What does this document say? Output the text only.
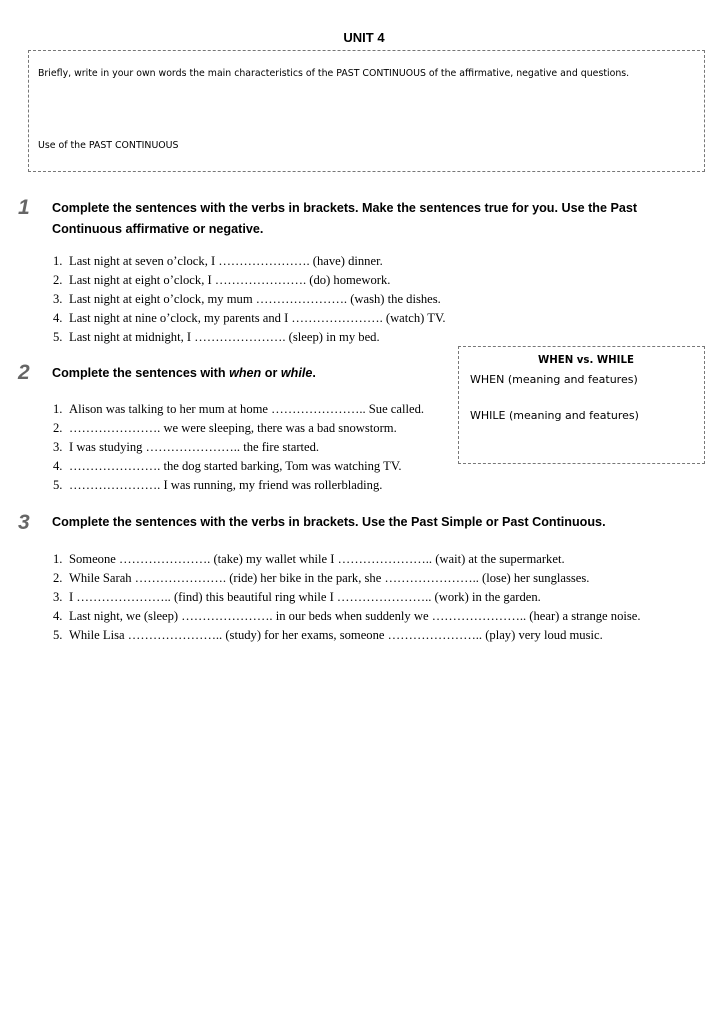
UNIT 4
Briefly, write in your own words the main characteristics of the PAST CONTINUOUS of the affirmative, negative and questions.
Use of the PAST CONTINUOUS
1 Complete the sentences with the verbs in brackets. Make the sentences true for you. Use the Past
Continuous affirmative or negative.
1. Last night at seven o’clock, I …………………. (have) dinner.
2. Last night at eight o’clock, I …………………. (do) homework.
3. Last night at eight o’clock, my mum …………………. (wash) the dishes.
4. Last night at nine o’clock, my parents and I …………………. (watch) TV.
5. Last night at midnight, I …………………. (sleep) in my bed.
WHEN vs. WHILE
WHEN (meaning and features)
WHILE (meaning and features)
2 Complete the sentences with when or while.
1. Alison was talking to her mum at home ………………….. Sue called.
2. …………………. we were sleeping, there was a bad snowstorm.
3. I was studying ………………….. the fire started.
4. …………………. the dog started barking, Tom was watching TV.
5. …………………. I was running, my friend was rollerblading.
3 Complete the sentences with the verbs in brackets. Use the Past Simple or Past Continuous.
1. Someone …………………. (take) my wallet while I ………………….. (wait) at the supermarket.
2. While Sarah …………………. (ride) her bike in the park, she ………………….. (lose) her sunglasses.
3. I ………………….. (find) this beautiful ring while I ………………….. (work) in the garden.
4. Last night, we (sleep) …………………. in our beds when suddenly we ………………….. (hear) a strange noise.
5. While Lisa ………………….. (study) for her exams, someone ………………….. (play) very loud music.
